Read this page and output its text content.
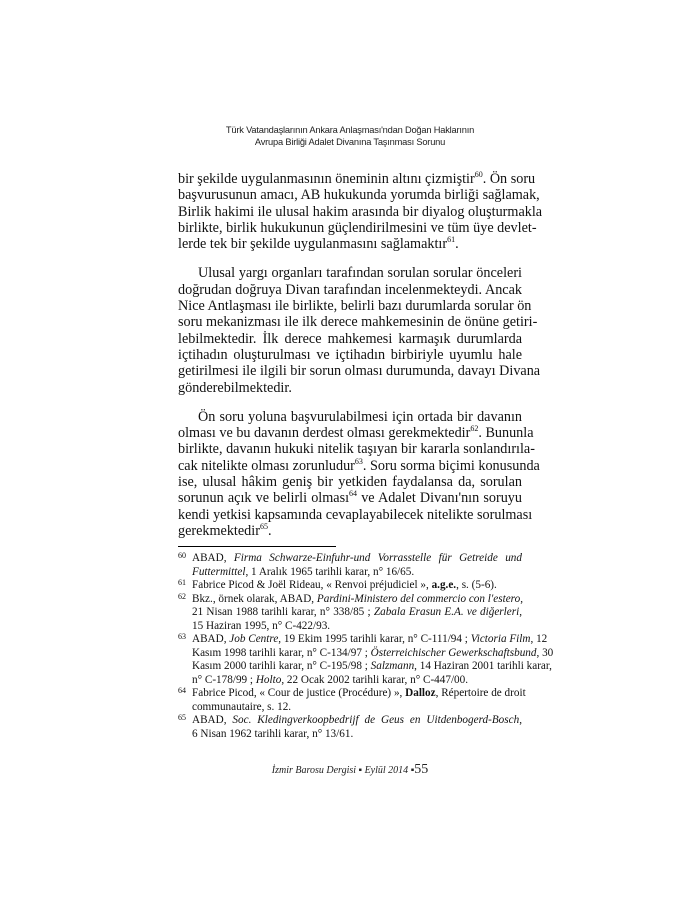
Türk Vatandaşlarının Ankara Anlaşması'ndan Doğan Haklarının
Avrupa Birliği Adalet Divanına Taşınması Sorunu
bir şekilde uygulanmasının öneminin altını çizmiştir$^{60}$. Ön soru
başvurusunun amacı, AB hukukunda yorumda birliği sağlamak,
Birlik hakimi ile ulusal hakim arasında bir diyalog oluşturmakla
birlikte, birlik hukukunun güçlendirilmesini ve tüm üye devlet-
lerde tek bir şekilde uygulanmasını sağlamaktır$^{61}$.
Ulusal yargı organları tarafından sorulan sorular önceleri
doğrudan doğruya Divan tarafından incelenmekteydi. Ancak
Nice Antlaşması ile birlikte, belirli bazı durumlarda sorular ön
soru mekanizması ile ilk derece mahkemesinin de önüne getiri-
lebilmektedir. İlk derece mahkemesi karmaşık durumlarda
içtihadın oluşturulması ve içtihadın birbiriyle uyumlu hale
getirilmesi ile ilgili bir sorun olması durumunda, davayı Divana
gönderebilmektedir.
Ön soru yoluna başvurulabilmesi için ortada bir davanın
olması ve bu davanın derdest olması gerekmektedir$^{62}$. Bununla
birlikte, davanın hukuki nitelik taşıyan bir kararla sonlandırıla-
cak nitelikte olması zorunludur$^{63}$. Soru sorma biçimi konusunda
ise, ulusal hâkim geniş bir yetkiden faydalansa da, sorulan
sorunun açık ve belirli olması$^{64}$ ve Adalet Divanı'nın soruyu
kendi yetkisi kapsamında cevaplayabilecek nitelikte sorulması
gerekmektedir$^{65}$.
60 ABAD, Firma Schwarze-Einfuhr-und Vorrasstelle für Getreide und
Futtermittel, 1 Aralık 1965 tarihli karar, n° 16/65.
61 Fabrice Picod & Joël Rideau, « Renvoi préjudiciel », a.g.e., s. (5-6).
62 Bkz., örnek olarak, ABAD, Pardini-Ministero del commercio con l'estero,
21 Nisan 1988 tarihli karar, n° 338/85 ; Zabala Erasun E.A. ve diğerleri,
15 Haziran 1995, n° C-422/93.
63 ABAD, Job Centre, 19 Ekim 1995 tarihli karar, n° C-111/94 ; Victoria Film, 12
Kasım 1998 tarihli karar, n° C-134/97 ; Österreichischer Gewerkschaftsbund, 30
Kasım 2000 tarihli karar, n° C-195/98 ; Salzmann, 14 Haziran 2001 tarihli karar,
n° C-178/99 ; Holto, 22 Ocak 2002 tarihli karar, n° C-447/00.
64 Fabrice Picod, « Cour de justice (Procédure) », Dalloz, Répertoire de droit
communautaire, s. 12.
65 ABAD, Soc. Kledingverkoopbedrijf de Geus en Uitdenbogerd-Bosch,
6 Nisan 1962 tarihli karar, n° 13/61.
İzmir Barosu Dergisi ▪ Eylül 2014 ▪55
